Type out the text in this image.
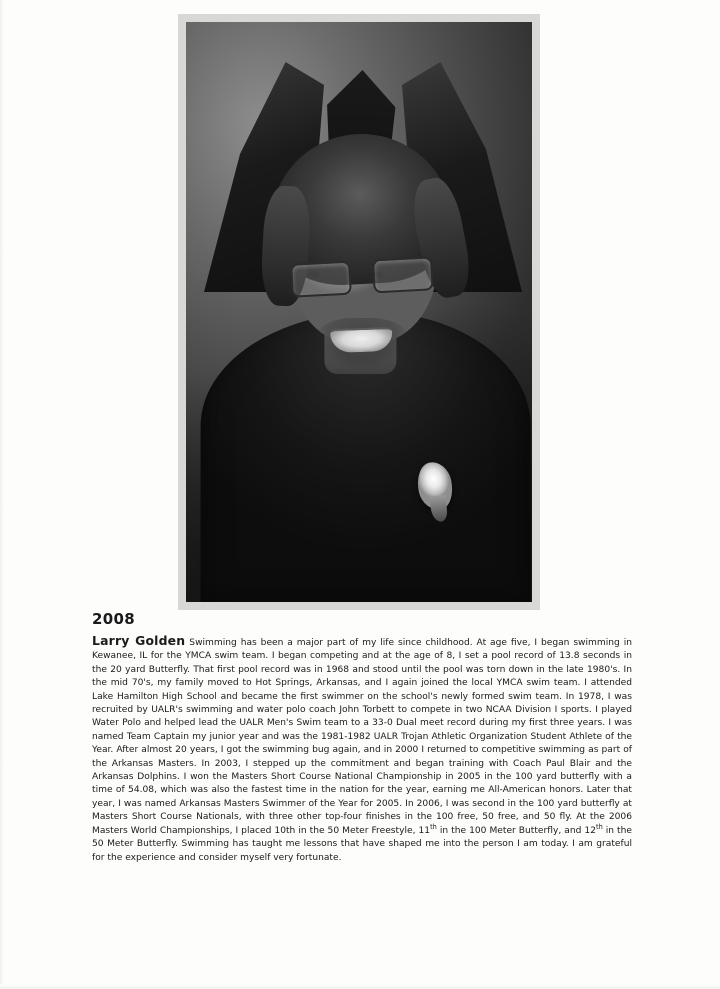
2008

Larry Golden Swimming has been a major part of my life since childhood. At age five, I began swimming in Kewanee, IL for the YMCA swim team. I began competing and at the age of 8, I set a pool record of 13.8 seconds in the 20 yard Butterfly. That first pool record was in 1968 and stood until the pool was torn down in the late 1980's. In the mid 70's, my family moved to Hot Springs, Arkansas, and I again joined the local YMCA swim team. I attended Lake Hamilton High School and became the first swimmer on the school's newly formed swim team. In 1978, I was recruited by UALR's swimming and water polo coach John Torbett to compete in two NCAA Division I sports. I played Water Polo and helped lead the UALR Men's Swim team to a 33-0 Dual meet record during my first three years. I was named Team Captain my junior year and was the 1981-1982 UALR Trojan Athletic Organization Student Athlete of the Year. After almost 20 years, I got the swimming bug again, and in 2000 I returned to competitive swimming as part of the Arkansas Masters. In 2003, I stepped up the commitment and began training with Coach Paul Blair and the Arkansas Dolphins. I won the Masters Short Course National Championship in 2005 in the 100 yard butterfly with a time of 54.08, which was also the fastest time in the nation for the year, earning me All-American honors. Later that year, I was named Arkansas Masters Swimmer of the Year for 2005. In 2006, I was second in the 100 yard butterfly at Masters Short Course Nationals, with three other top-four finishes in the 100 free, 50 free, and 50 fly. At the 2006 Masters World Championships, I placed 10th in the 50 Meter Freestyle, 11th in the 100 Meter Butterfly, and 12th in the 50 Meter Butterfly. Swimming has taught me lessons that have shaped me into the person I am today. I am grateful for the experience and consider myself very fortunate.
